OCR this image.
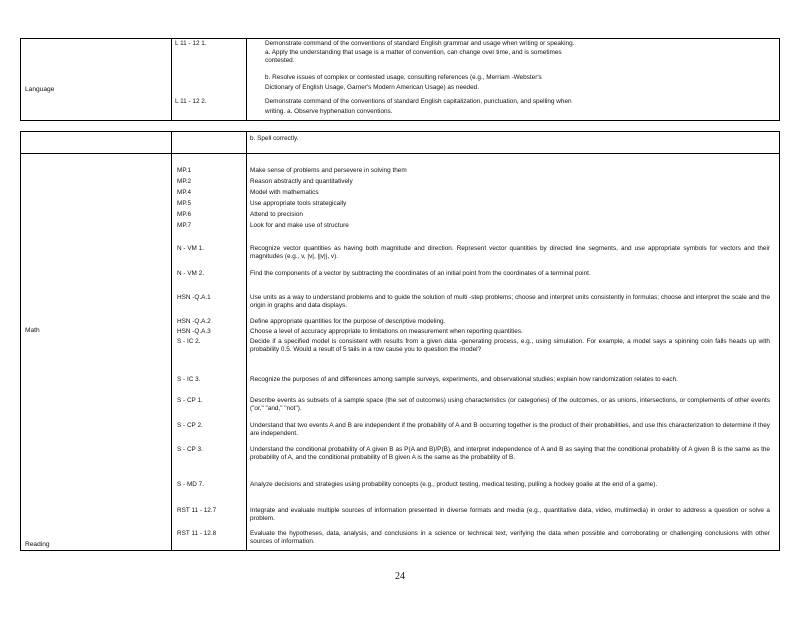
Language
L 11 - 12 1.	Demonstrate command of the conventions of standard English grammar and usage when writing or speaking.
a. Apply the understanding that usage is a matter of convention, can change over time, and is sometimes
contested.
b. Resolve issues of complex or contested usage, consulting references (e.g., Merriam -Webster's
Dictionary of English Usage, Garner's Modern American Usage) as needed.
L 11 - 12 2.	Demonstrate command of the conventions of standard English capitalization, punctuation, and spelling when
writing. a. Observe hyphenation conventions.
b. Spell correctly.
Math
Reading
MP.1	Make sense of problems and persevere in solving them
MP.2	Reason abstractly and quantitatively
MP.4	Model with mathematics
MP.5	Use appropriate tools strategically
MP.6	Attend to precision
MP.7	Look for and make use of structure
N - VM 1.	Recognize vector quantities as having both magnitude and direction. Represent vector quantities by directed line segments, and use appropriate symbols for vectors and their magnitudes (e.g., v, |v|, ||v||, v).
N - VM 2.	Find the components of a vector by subtracting the coordinates of an initial point from the coordinates of a terminal point.
HSN -Q.A.1	Use units as a way to understand problems and to guide the solution of multi -step problems; choose and interpret units consistently in formulas; choose and interpret the scale and the origin in graphs and data displays.
HSN -Q.A.2	Define appropriate quantities for the purpose of descriptive modeling.
HSN -Q.A.3	Choose a level of accuracy appropriate to limitations on measurement when reporting quantities.
S - IC 2.	Decide if a specified model is consistent with results from a given data -generating process, e.g., using simulation. For example, a model says a spinning coin falls heads up with probability 0.5. Would a result of 5 tails in a row cause you to question the model?
S - IC 3.	Recognize the purposes of and differences among sample surveys, experiments, and observational studies; explain how randomization relates to each.
S - CP 1.	Describe events as subsets of a sample space (the set of outcomes) using characteristics (or categories) of the outcomes, or as unions, intersections, or complements of other events ("or," "and," "not").
S - CP 2.	Understand that two events A and B are independent if the probability of A and B occurring together is the product of their probabilities, and use this characterization to determine if they are independent.
S - CP 3.	Understand the conditional probability of A given B as P(A and B)/P(B), and interpret independence of A and B as saying that the conditional probability of A given B is the same as the probability of A, and the conditional probability of B given A is the same as the probability of B.
S - MD 7.	Analyze decisions and strategies using probability concepts (e.g., product testing, medical testing, pulling a hockey goalie at the end of a game).
RST 11 - 12.7	Integrate and evaluate multiple sources of information presented in diverse formats and media (e.g., quantitative data, video, multimedia) in order to address a question or solve a problem.
RST 11 - 12.8	Evaluate the hypotheses, data, analysis, and conclusions in a science or technical text, verifying the data when possible and corroborating or challenging conclusions with other sources of information.
24
